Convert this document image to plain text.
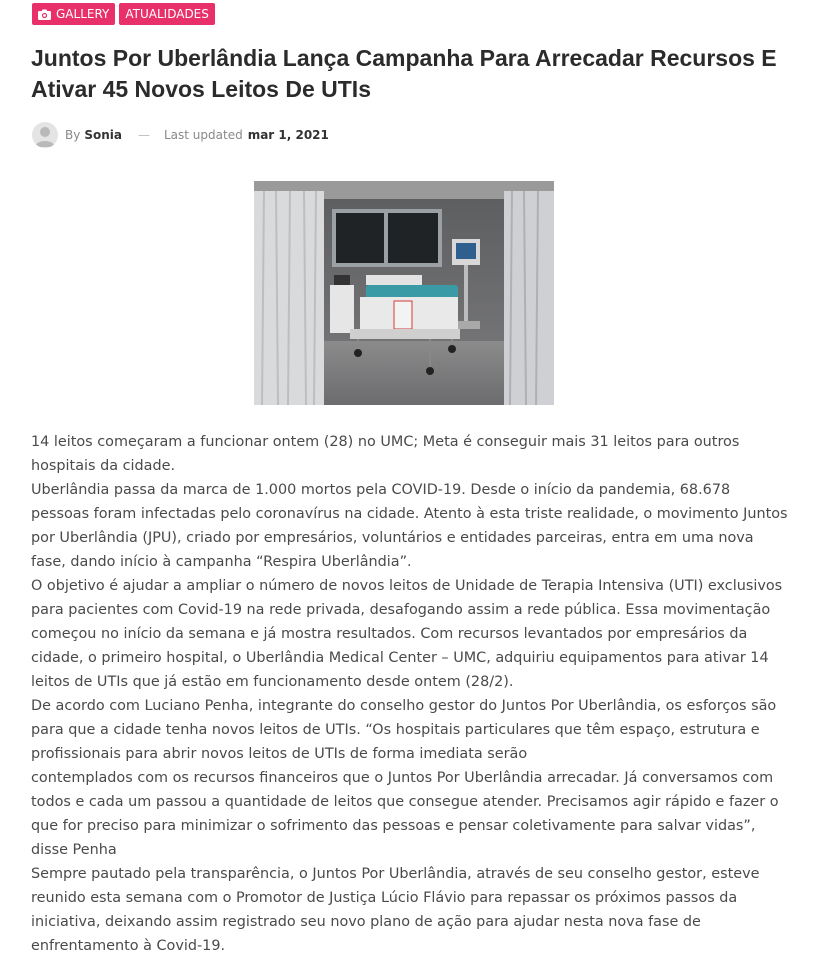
GALLERY ATUALIDADES
Juntos Por Uberlândia Lança Campanha Para Arrecadar Recursos E Ativar 45 Novos Leitos De UTIs
By Sonia — Last updated mar 1, 2021

14 leitos começaram a funcionar ontem (28) no UMC; Meta é conseguir mais 31 leitos para outros hospitais da cidade.

Uberlândia passa da marca de 1.000 mortos pela COVID-19. Desde o início da pandemia, 68.678 pessoas foram infectadas pelo coronavírus na cidade. Atento à esta triste realidade, o movimento Juntos por Uberlândia (JPU), criado por empresários, voluntários e entidades parceiras, entra em uma nova fase, dando início à campanha “Respira Uberlândia”.

O objetivo é ajudar a ampliar o número de novos leitos de Unidade de Terapia Intensiva (UTI) exclusivos para pacientes com Covid-19 na rede privada, desafogando assim a rede pública. Essa movimentação começou no início da semana e já mostra resultados. Com recursos levantados por empresários da cidade, o primeiro hospital, o Uberlândia Medical Center – UMC, adquiriu equipamentos para ativar 14 leitos de UTIs que já estão em funcionamento desde ontem (28/2).

De acordo com Luciano Penha, integrante do conselho gestor do Juntos Por Uberlândia, os esforços são para que a cidade tenha novos leitos de UTIs. “Os hospitais particulares que têm espaço, estrutura e profissionais para abrir novos leitos de UTIs de forma imediata serão

contemplados com os recursos financeiros que o Juntos Por Uberlândia arrecadar. Já conversamos com todos e cada um passou a quantidade de leitos que consegue atender. Precisamos agir rápido e fazer o que for preciso para minimizar o sofrimento das pessoas e pensar coletivamente para salvar vidas”, disse Penha

Sempre pautado pela transparência, o Juntos Por Uberlândia, através de seu conselho gestor, esteve reunido esta semana com o Promotor de Justiça Lúcio Flávio para repassar os próximos passos da iniciativa, deixando assim registrado seu novo plano de ação para ajudar nesta nova fase de enfrentamento à Covid-19.
